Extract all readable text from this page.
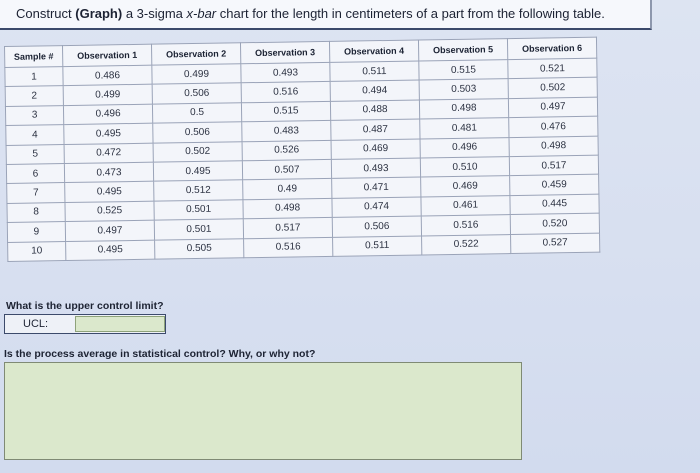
Construct (Graph) a 3-sigma x-bar chart for the length in centimeters of a part from the following table.
Sample #	Observation 1	Observation 2	Observation 3	Observation 4	Observation 5	Observation 6
1	0.486	0.499	0.493	0.511	0.515	0.521
2	0.499	0.506	0.516	0.494	0.503	0.502
3	0.496	0.5	0.515	0.488	0.498	0.497
4	0.495	0.506	0.483	0.487	0.481	0.476
5	0.472	0.502	0.526	0.469	0.496	0.498
6	0.473	0.495	0.507	0.493	0.510	0.517
7	0.495	0.512	0.49	0.471	0.469	0.459
8	0.525	0.501	0.498	0.474	0.461	0.445
9	0.497	0.501	0.517	0.506	0.516	0.520
10	0.495	0.505	0.516	0.511	0.522	0.527
What is the upper control limit?
UCL:
Is the process average in statistical control? Why, or why not?
